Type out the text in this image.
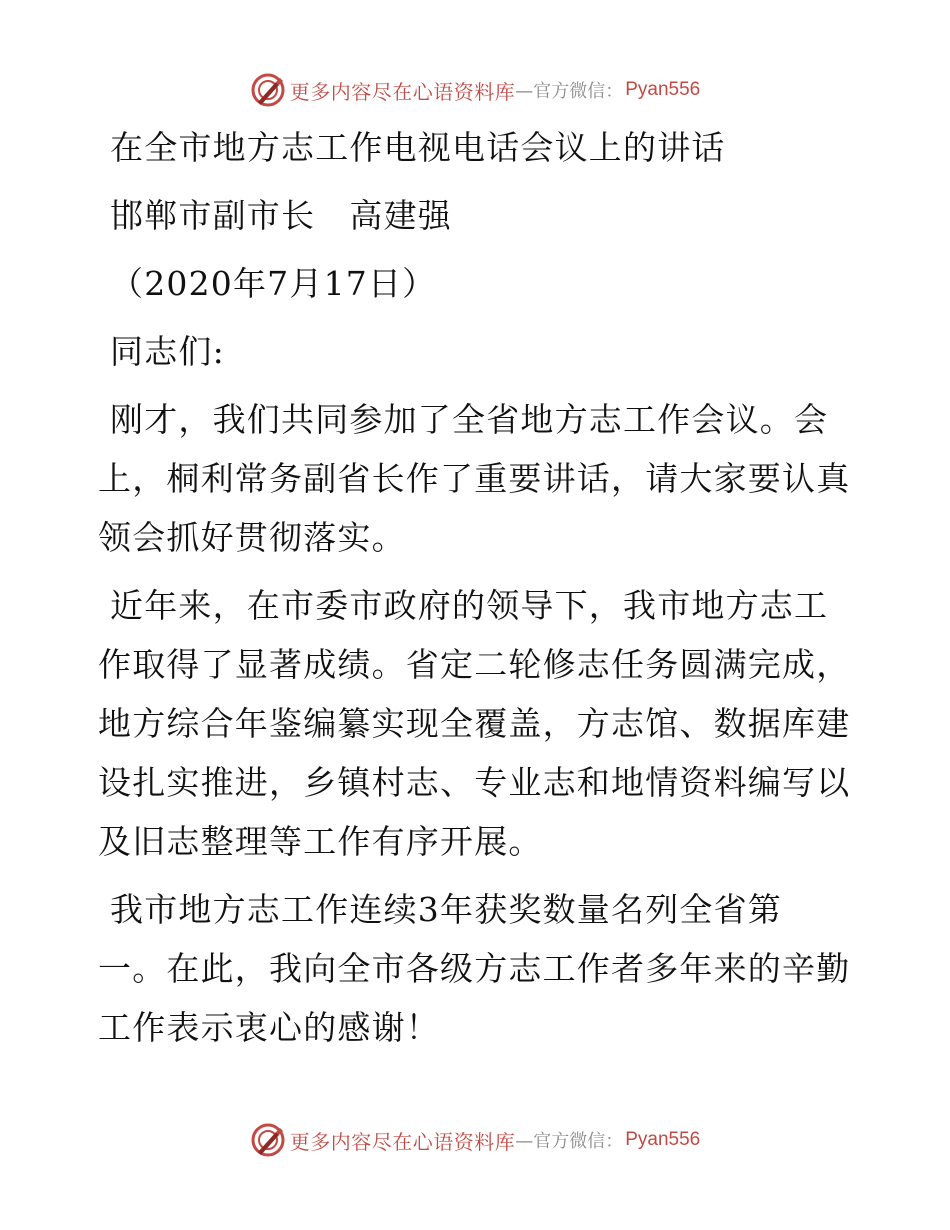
更多内容尽在心语资料库 —官方微信： Pyan556

在全市地方志工作电视电话会议上的讲话

邯郸市副市长　高建强

（2020年7月17日）

同志们:

刚才，我们共同参加了全省地方志工作会议。会
上，桐利常务副省长作了重要讲话，请大家要认真
领会抓好贯彻落实。
近年来，在市委市政府的领导下，我市地方志工
作取得了显著成绩。省定二轮修志任务圆满完成，
地方综合年鉴编纂实现全覆盖，方志馆、数据库建
设扎实推进，乡镇村志、专业志和地情资料编写以
及旧志整理等工作有序开展。
我市地方志工作连续3年获奖数量名列全省第
一。在此，我向全市各级方志工作者多年来的辛勤
工作表示衷心的感谢！
更多内容尽在心语资料库 —官方微信： Pyan556
